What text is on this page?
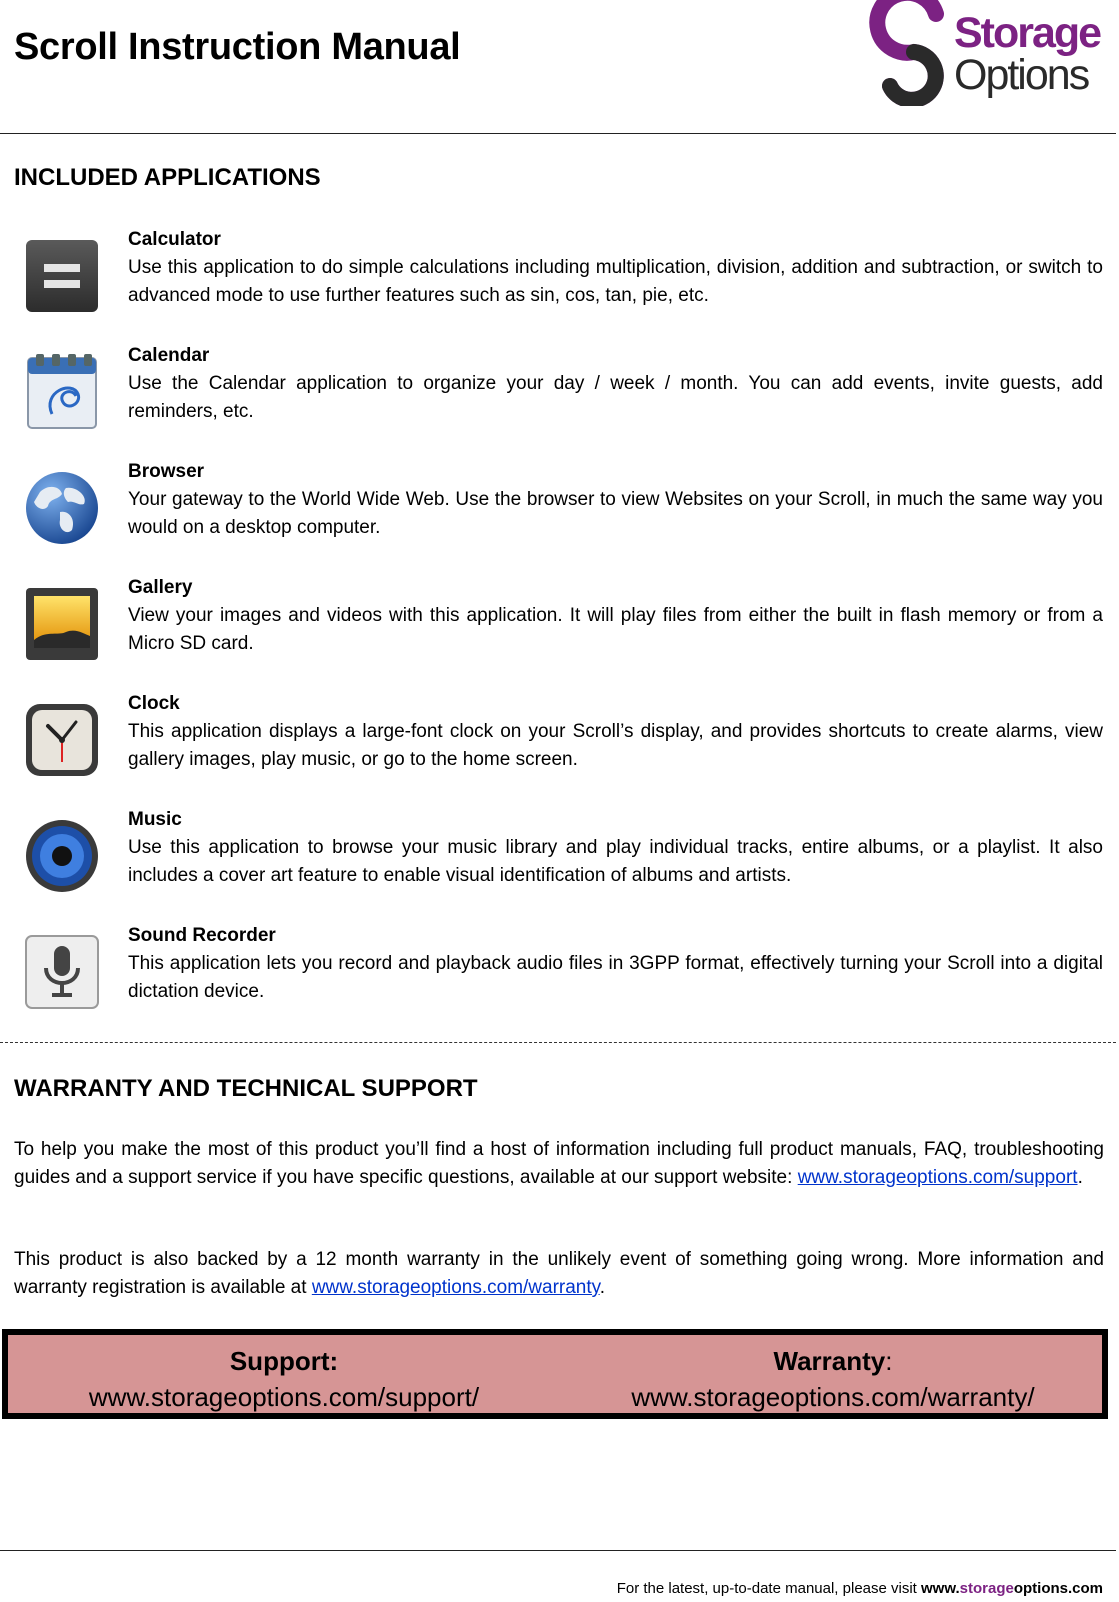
Scroll Instruction Manual	Storage
Options
INCLUDED APPLICATIONS
Calculator
Use this application to do simple calculations including multiplication, division, addition and subtraction, or switch to advanced mode to use further features such as sin, cos, tan, pie, etc.
Calendar
Use the Calendar application to organize your day / week / month. You can add events, invite guests, add reminders, etc.
Browser
Your gateway to the World Wide Web. Use the browser to view Websites on your Scroll, in much the same way you would on a desktop computer.
Gallery
View your images and videos with this application. It will play files from either the built in flash memory or from a Micro SD card.
Clock
This application displays a large-font clock on your Scroll’s display, and provides shortcuts to create alarms, view gallery images, play music, or go to the home screen.
Music
Use this application to browse your music library and play individual tracks, entire albums, or a playlist. It also includes a cover art feature to enable visual identification of albums and artists.
Sound Recorder
This application lets you record and playback audio files in 3GPP format, effectively turning your Scroll into a digital dictation device.
WARRANTY AND TECHNICAL SUPPORT
To help you make the most of this product you’ll find a host of information including full product manuals, FAQ, troubleshooting guides and a support service if you have specific questions, available at our support website: www.storageoptions.com/support.
This product is also backed by a 12 month warranty in the unlikely event of something going wrong. More information and warranty registration is available at www.storageoptions.com/warranty.
Support:
www.storageoptions.com/support/
Warranty:
www.storageoptions.com/warranty/
For the latest, up-to-date manual, please visit www.storageoptions.com
